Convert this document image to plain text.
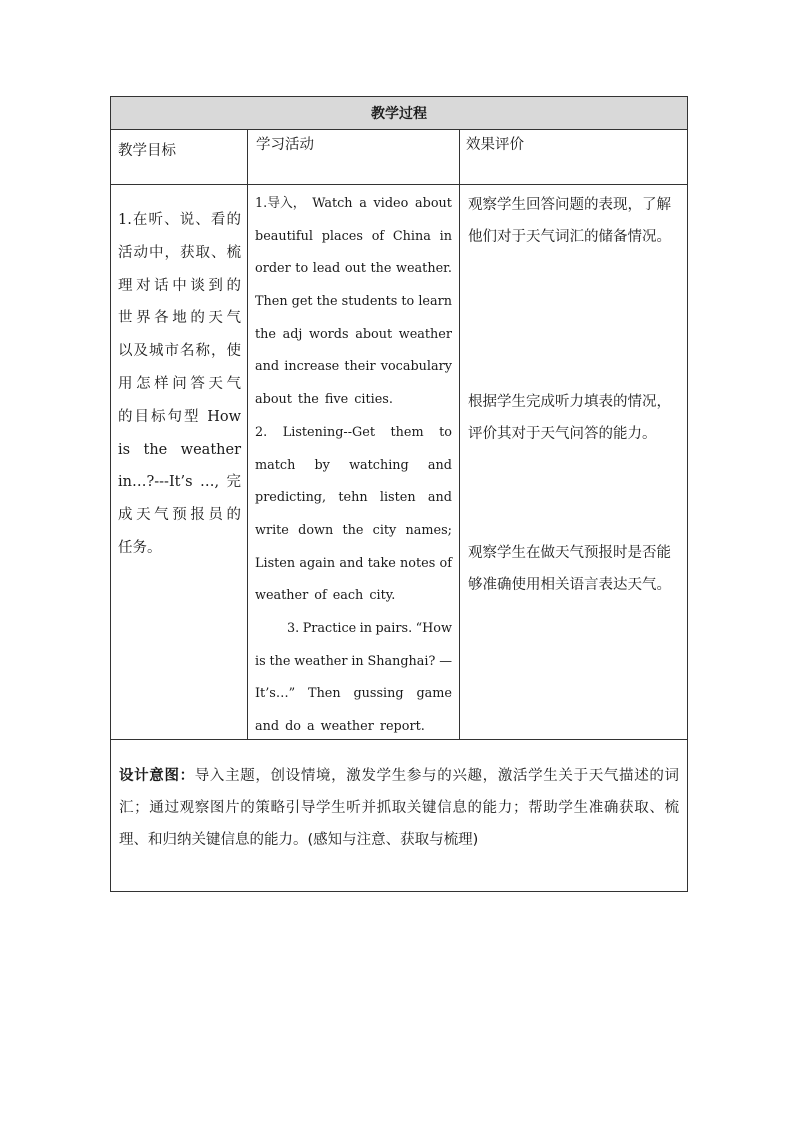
教学过程
教学目标	学习活动	效果评价
1.在听、说、看的
活动中，获取、梳
理对话中谈到的
世界各地的天气
以及城市名称，使
用怎样问答天气
的目标句型 How
is the weather
in…?---It’s …, 完
成天气预报员的
任务。
1.导入， Watch a video about
beautiful places of China in
order to lead out the weather.
Then get the students to learn
the adj words about weather
and increase their vocabulary
about the five cities.
2. Listening--Get them to
match by watching and
predicting, tehn listen and
write down the city names;
Listen again and take notes of
weather of each city.
3. Practice in pairs. “How
is the weather in Shanghai? —
It’s…” Then gussing game
and do a weather report.
观察学生回答问题的表现，了解他们对于天气词汇的储备情况。
根据学生完成听力填表的情况，评价其对于天气问答的能力。
观察学生在做天气预报时是否能够准确使用相关语言表达天气。
设计意图：导入主题，创设情境，激发学生参与的兴趣，激活学生关于天气描述的词汇；通过观察图片的策略引导学生听并抓取关键信息的能力；帮助学生准确获取、梳理、和归纳关键信息的能力。(感知与注意、获取与梳理)
